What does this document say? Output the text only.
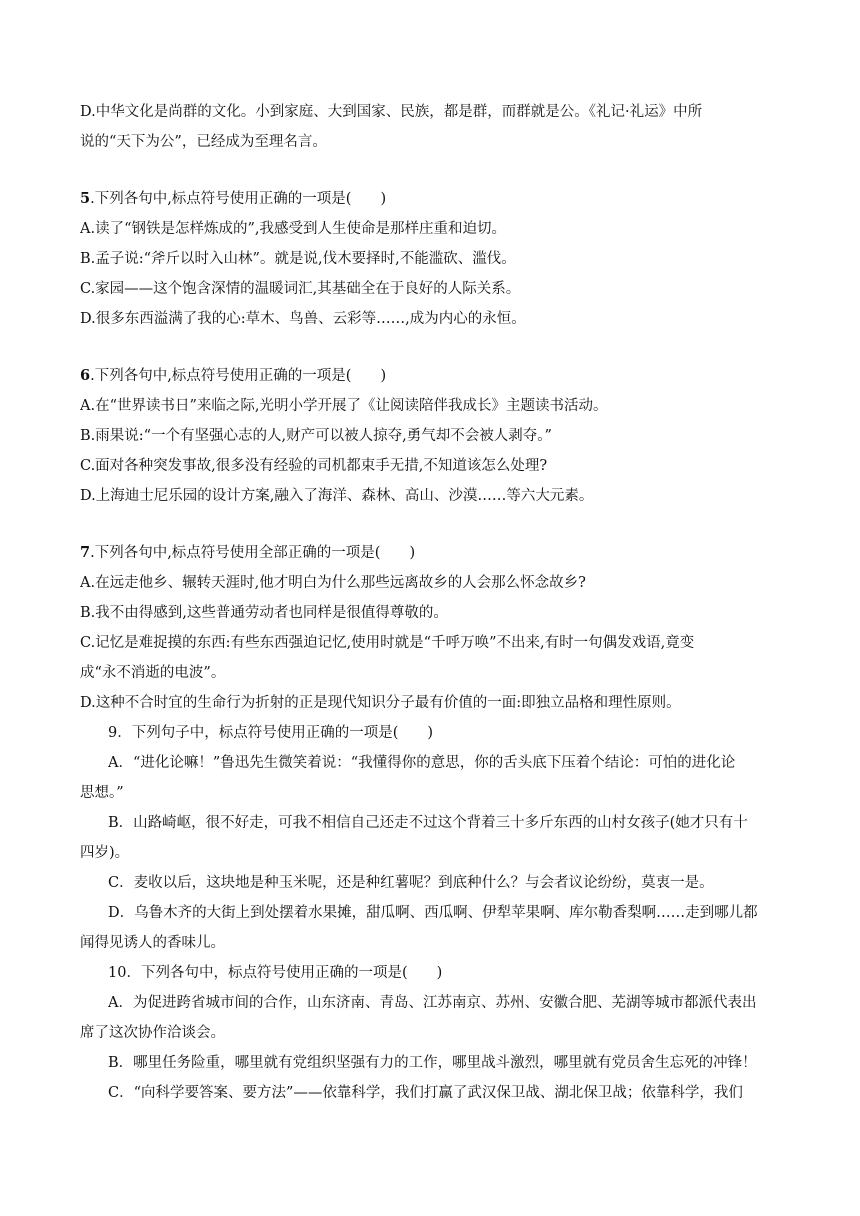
D.中华文化是尚群的文化。小到家庭、大到国家、民族，都是群，而群就是公。《礼记·礼运》中所
说的“天下为公”，已经成为至理名言。
5.下列各句中,标点符号使用正确的一项是(　　)
A.读了“钢铁是怎样炼成的”,我感受到人生使命是那样庄重和迫切。
B.孟子说:“斧斤以时入山林”。就是说,伐木要择时,不能滥砍、滥伐。
C.家园——这个饱含深情的温暖词汇,其基础全在于良好的人际关系。
D.很多东西溢满了我的心:草木、鸟兽、云彩等……,成为内心的永恒。
6.下列各句中,标点符号使用正确的一项是(　　)
A.在“世界读书日”来临之际,光明小学开展了《让阅读陪伴我成长》主题读书活动。
B.雨果说:“一个有坚强心志的人,财产可以被人掠夺,勇气却不会被人剥夺。”
C.面对各种突发事故,很多没有经验的司机都束手无措,不知道该怎么处理?
D.上海迪士尼乐园的设计方案,融入了海洋、森林、高山、沙漠……等六大元素。
7.下列各句中,标点符号使用全部正确的一项是(　　)
A.在远走他乡、辗转天涯时,他才明白为什么那些远离故乡的人会那么怀念故乡?
B.我不由得感到,这些普通劳动者也同样是很值得尊敬的。
C.记忆是难捉摸的东西:有些东西强迫记忆,使用时就是“千呼万唤”不出来,有时一句偶发戏语,竟变
成“永不消逝的电波”。
D.这种不合时宜的生命行为折射的正是现代知识分子最有价值的一面:即独立品格和理性原则。
9．下列句子中，标点符号使用正确的一项是(　　)
A．“进化论嘛！”鲁迅先生微笑着说：“我懂得你的意思，你的舌头底下压着个结论：可怕的进化论
思想。”
B．山路崎岖，很不好走，可我不相信自己还走不过这个背着三十多斤东西的山村女孩子(她才只有十
四岁)。
C．麦收以后，这块地是种玉米呢，还是种红薯呢？到底种什么？与会者议论纷纷，莫衷一是。
D．乌鲁木齐的大街上到处摆着水果摊，甜瓜啊、西瓜啊、伊犁苹果啊、库尔勒香梨啊……走到哪儿都
闻得见诱人的香味儿。
10．下列各句中，标点符号使用正确的一项是(　　)
A．为促进跨省城市间的合作，山东济南、青岛、江苏南京、苏州、安徽合肥、芜湖等城市都派代表出
席了这次协作洽谈会。
B．哪里任务险重，哪里就有党组织坚强有力的工作，哪里战斗激烈，哪里就有党员舍生忘死的冲锋！
C．“向科学要答案、要方法”——依靠科学，我们打赢了武汉保卫战、湖北保卫战；依靠科学，我们
